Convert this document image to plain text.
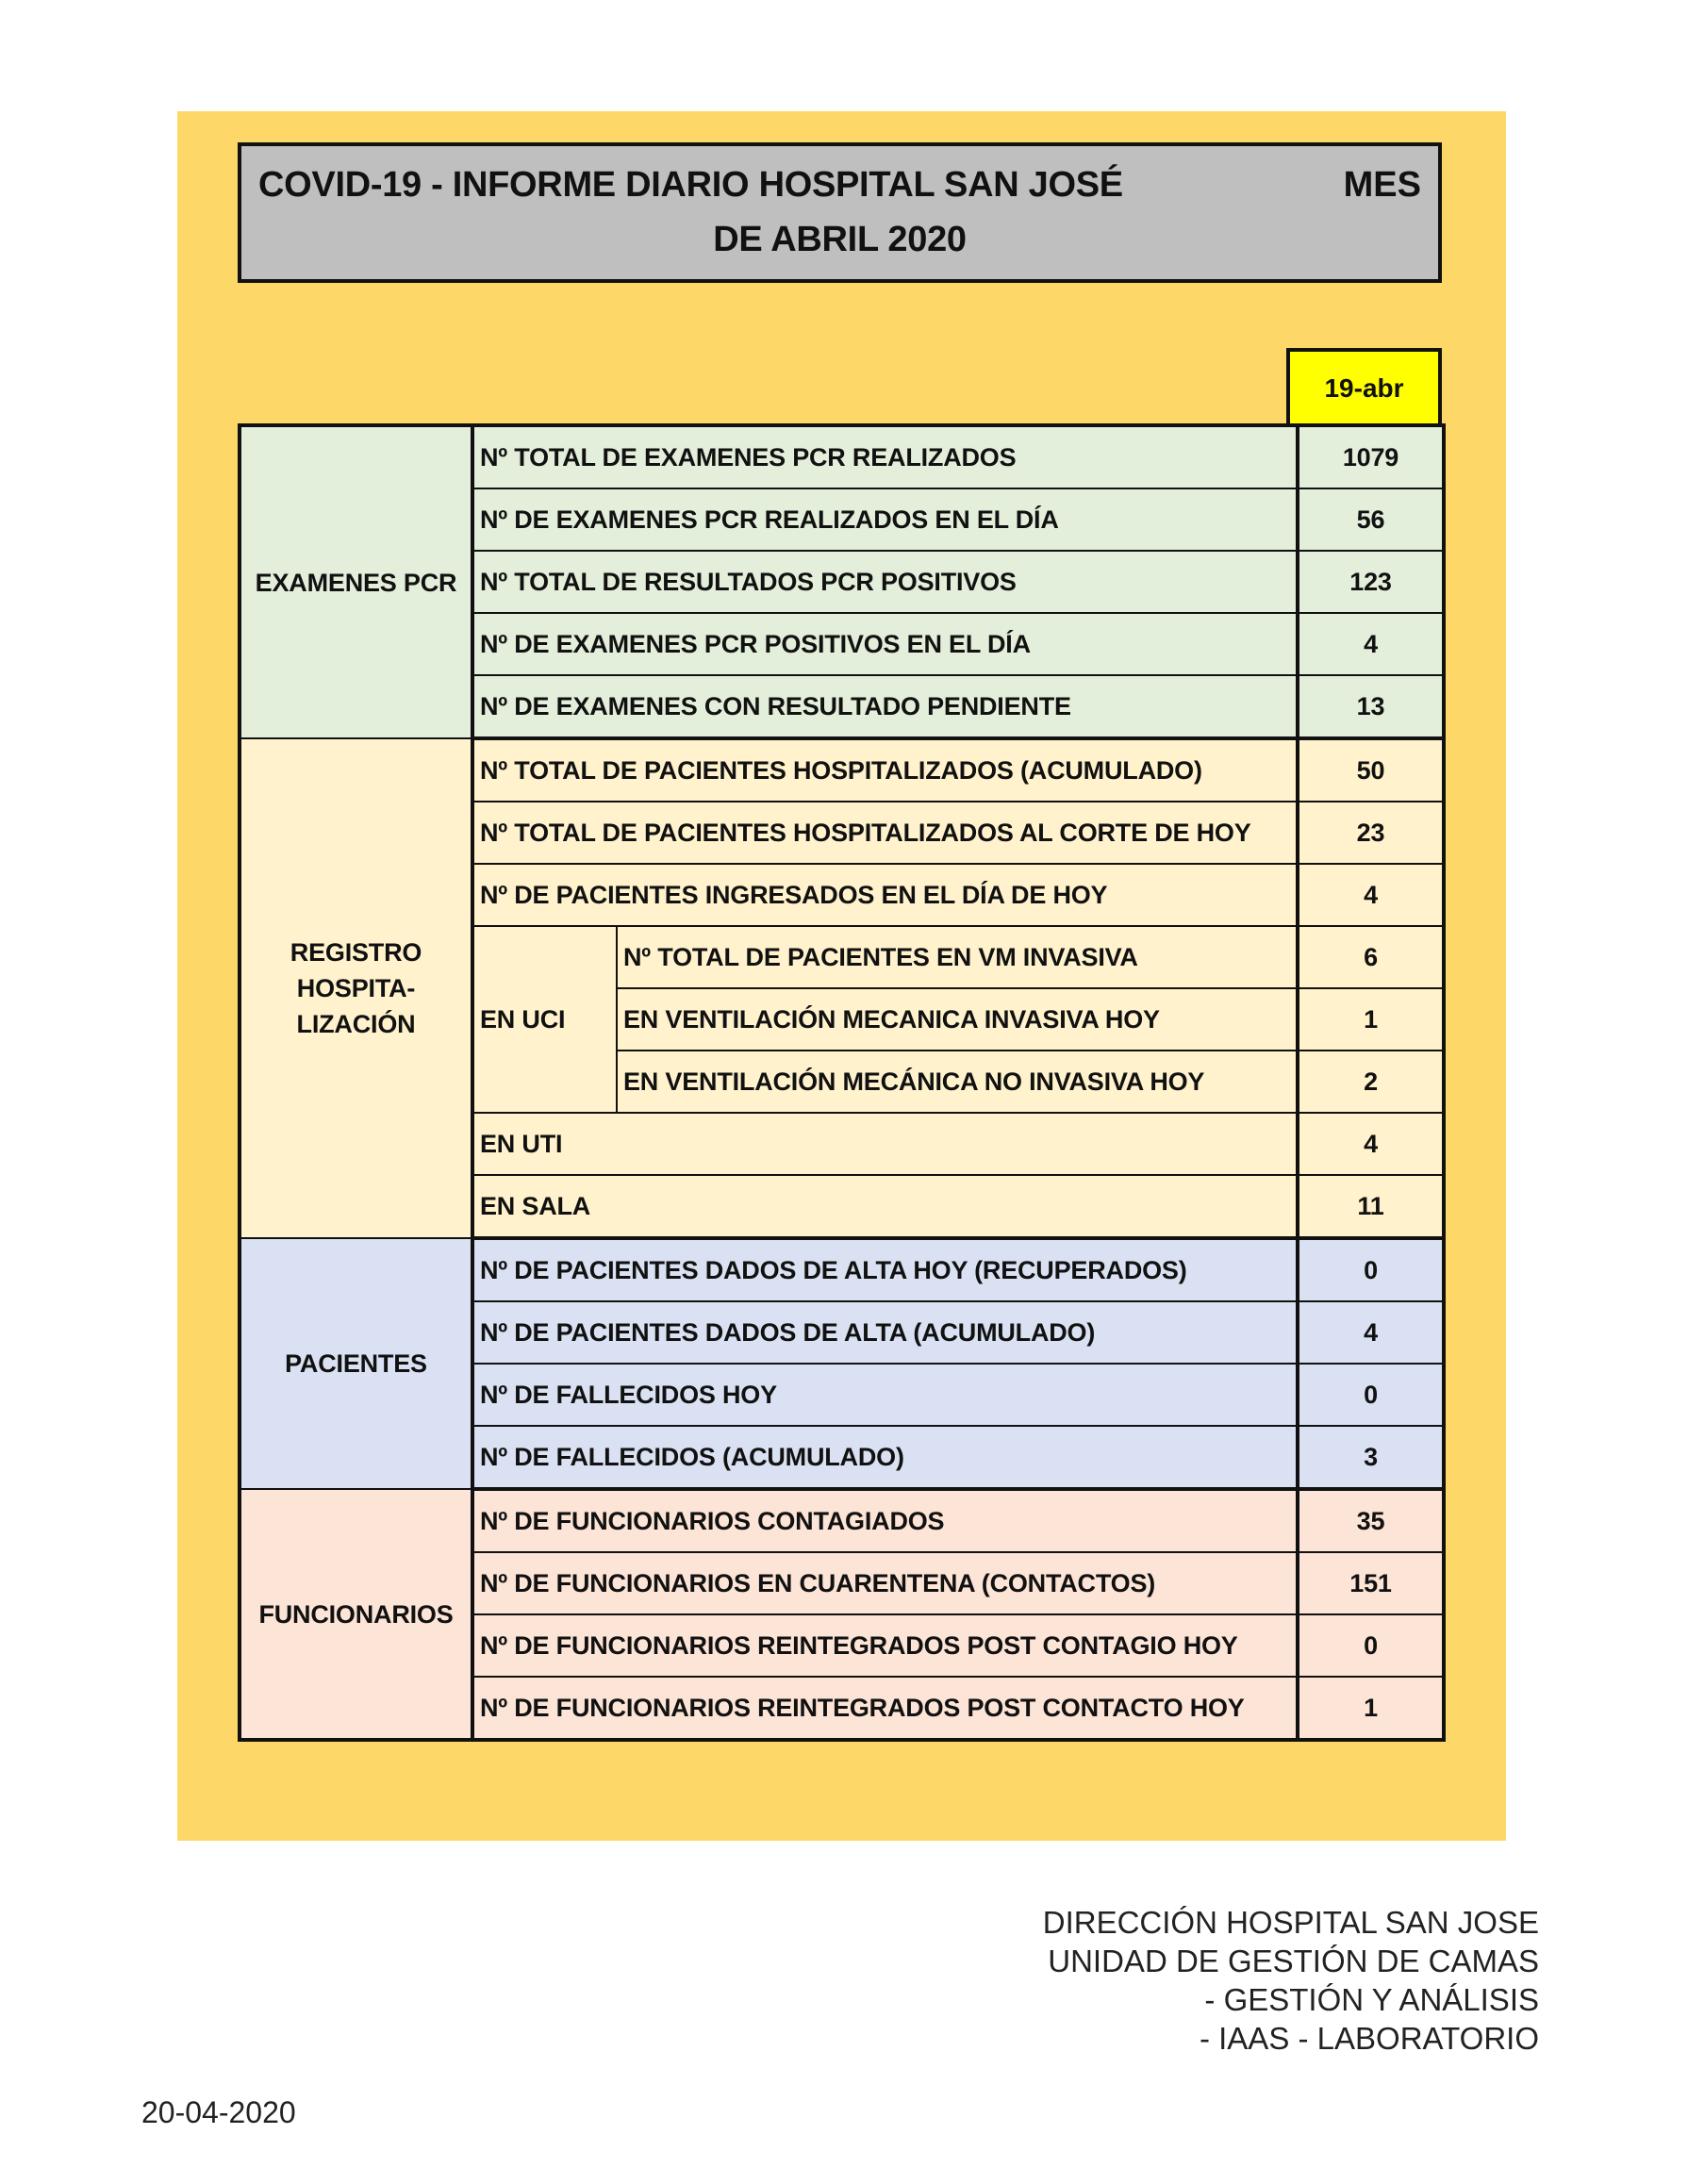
COVID-19 - INFORME DIARIO HOSPITAL SAN JOSÉ	MES
DE ABRIL 2020
19-abr
EXAMENES PCR	Nº TOTAL DE EXAMENES PCR REALIZADOS		1079
	Nº DE EXAMENES PCR REALIZADOS EN EL DÍA		56
	Nº TOTAL DE RESULTADOS PCR POSITIVOS		123
	Nº DE EXAMENES PCR POSITIVOS EN EL DÍA		4
	Nº DE EXAMENES CON RESULTADO PENDIENTE		13

REGISTRO
HOSPITA-
LIZACIÓN	Nº TOTAL DE PACIENTES HOSPITALIZADOS (ACUMULADO)		50
	Nº TOTAL DE PACIENTES HOSPITALIZADOS AL CORTE DE HOY		23
	Nº DE PACIENTES INGRESADOS EN EL DÍA DE HOY		4
	EN UCI	Nº TOTAL DE PACIENTES EN VM INVASIVA	6
		EN VENTILACIÓN MECANICA INVASIVA HOY	1
		EN VENTILACIÓN MECÁNICA NO INVASIVA HOY	2
	EN UTI		4
	EN SALA		11
PACIENTES	Nº DE PACIENTES DADOS DE ALTA HOY (RECUPERADOS)		0
	Nº DE PACIENTES DADOS DE ALTA (ACUMULADO)		4
	Nº DE FALLECIDOS HOY		0
	Nº DE FALLECIDOS (ACUMULADO)		3
FUNCIONARIOS	Nº DE FUNCIONARIOS CONTAGIADOS		35
	Nº DE FUNCIONARIOS EN CUARENTENA (CONTACTOS)		151
	Nº DE FUNCIONARIOS REINTEGRADOS POST CONTAGIO HOY		0
	Nº DE FUNCIONARIOS REINTEGRADOS POST CONTACTO HOY		1
DIRECCIÓN HOSPITAL SAN JOSE
UNIDAD DE GESTIÓN DE CAMAS
- GESTIÓN Y ANÁLISIS
- IAAS - LABORATORIO
20-04-2020
